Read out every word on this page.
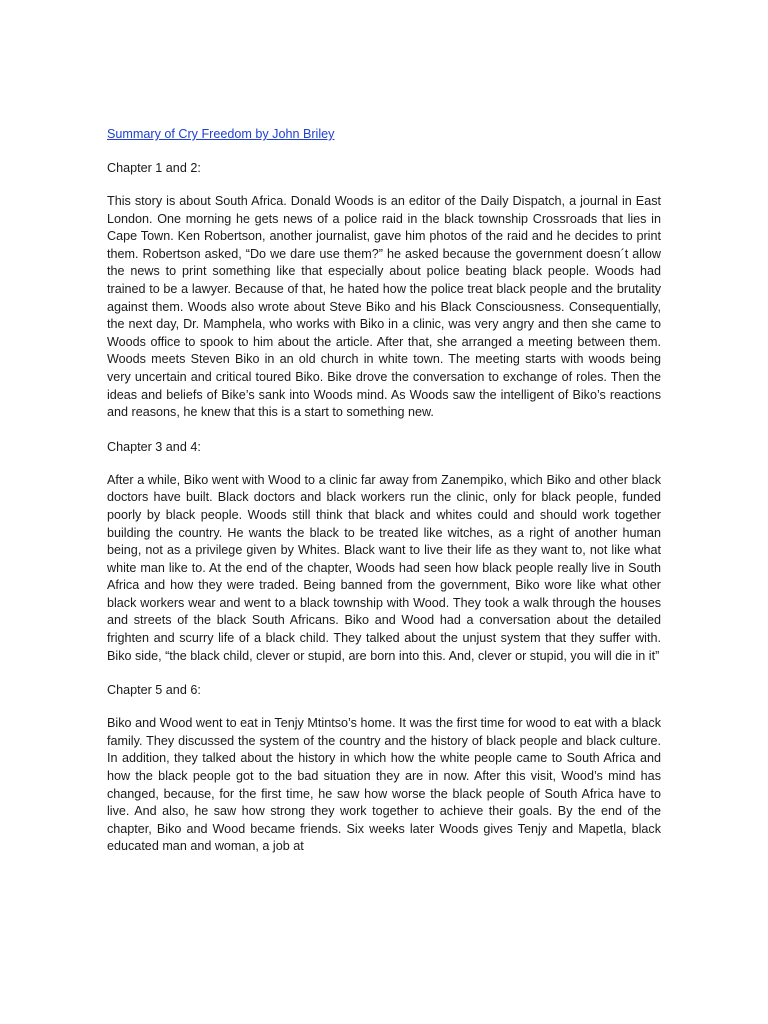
Summary of Cry Freedom by John Briley
Chapter 1 and 2:

This story is about South Africa. Donald Woods is an editor of the Daily Dispatch, a journal in East London. One morning he gets news of a police raid in the black township Crossroads that lies in Cape Town. Ken Robertson, another journalist, gave him photos of the raid and he decides to print them. Robertson asked, “Do we dare use them?” he asked because the government doesn´t allow the news to print something like that especially about police beating black people. Woods had trained to be a lawyer. Because of that, he hated how the police treat black people and the brutality against them. Woods also wrote about Steve Biko and his Black Consciousness. Consequentially, the next day, Dr. Mamphela, who works with Biko in a clinic, was very angry and then she came to Woods office to spook to him about the article. After that, she arranged a meeting between them. Woods meets Steven Biko in an old church in white town. The meeting starts with woods being very uncertain and critical toured Biko. Bike drove the conversation to exchange of roles. Then the ideas and beliefs of Bike’s sank into Woods mind. As Woods saw the intelligent of Biko’s reactions and reasons, he knew that this is a start to something new.

Chapter 3 and 4:

After a while, Biko went with Wood to a clinic far away from Zanempiko, which Biko and other black doctors have built. Black doctors and black workers run the clinic, only for black people, funded poorly by black people. Woods still think that black and whites could and should work together building the country. He wants the black to be treated like witches, as a right of another human being, not as a privilege given by Whites. Black want to live their life as they want to, not like what white man like to. At the end of the chapter, Woods had seen how black people really live in South Africa and how they were traded. Being banned from the government, Biko wore like what other black workers wear and went to a black township with Wood. They took a walk through the houses and streets of the black South Africans. Biko and Wood had a conversation about the detailed frighten and scurry life of a black child. They talked about the unjust system that they suffer with. Biko side, “the black child, clever or stupid, are born into this. And, clever or stupid, you will die in it”

Chapter 5 and 6:

Biko and Wood went to eat in Tenjy Mtintso’s home. It was the first time for wood to eat with a black family. They discussed the system of the country and the history of black people and black culture. In addition, they talked about the history in which how the white people came to South Africa and how the black people got to the bad situation they are in now. After this visit, Wood’s mind has changed, because, for the first time, he saw how worse the black people of South Africa have to live. And also, he saw how strong they work together to achieve their goals. By the end of the chapter, Biko and Wood became friends. Six weeks later Woods gives Tenjy and Mapetla, black educated man and woman, a job at
